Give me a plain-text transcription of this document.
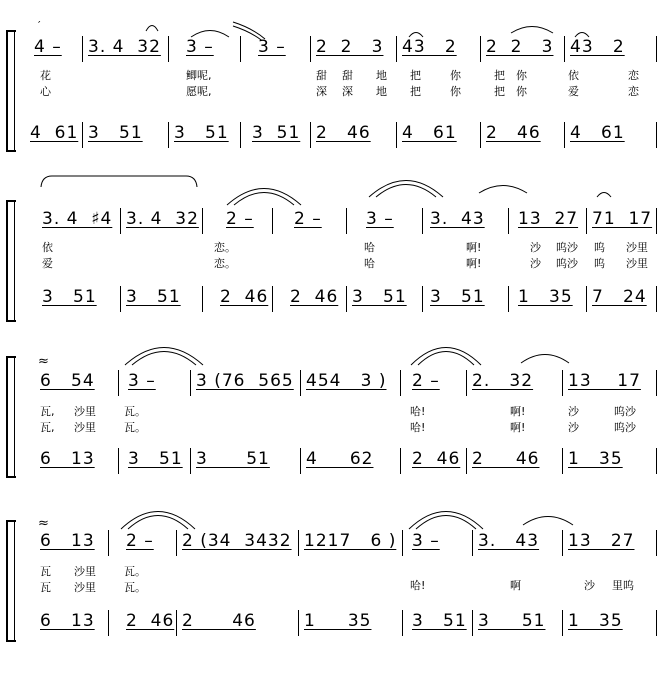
′
4 – 3. 4  32 3 –	3 – 2  2   3 43   2 2  2   3 43   2
花	鲫呢,	甜 甜 地 把	你	把 你	依	恋
心	愿呢,	深 深 地 把	你	把 你	爱	恋
4  61 3   51 3   51 3  51 2   46 4   61 2   46 4   61
3. 4  ♯4 3. 4  32 2 – 2 –	3 – 3.  43 13  27 71  17
依	恋。	哈	啊!	沙 呜沙 呜 沙里
爱	恋。	哈	啊!	沙 呜沙 呜 沙里
3   51 3   51 2  46 2  46 3   51 3   51 1   35 7   24
≈
6   54 3 – 3 (76  565 454   3 ) 2 – 2.   32 13    17
瓦, 沙里	瓦。	哈!	啊!	沙	呜沙
瓦, 沙里	瓦。	哈!	啊!	沙	呜沙
6   13 3   51 3      51 4     62 2  46 2     46 1   35
≈
6   13 2 – 2 (34  3432 1217   6 ) 3 – 3.   43 13   27
瓦 沙里	瓦。
哈!	啊	沙 里呜
瓦 沙里	瓦。
6   13 2  46 2      46	1     35 3   51 3     51 1   35
